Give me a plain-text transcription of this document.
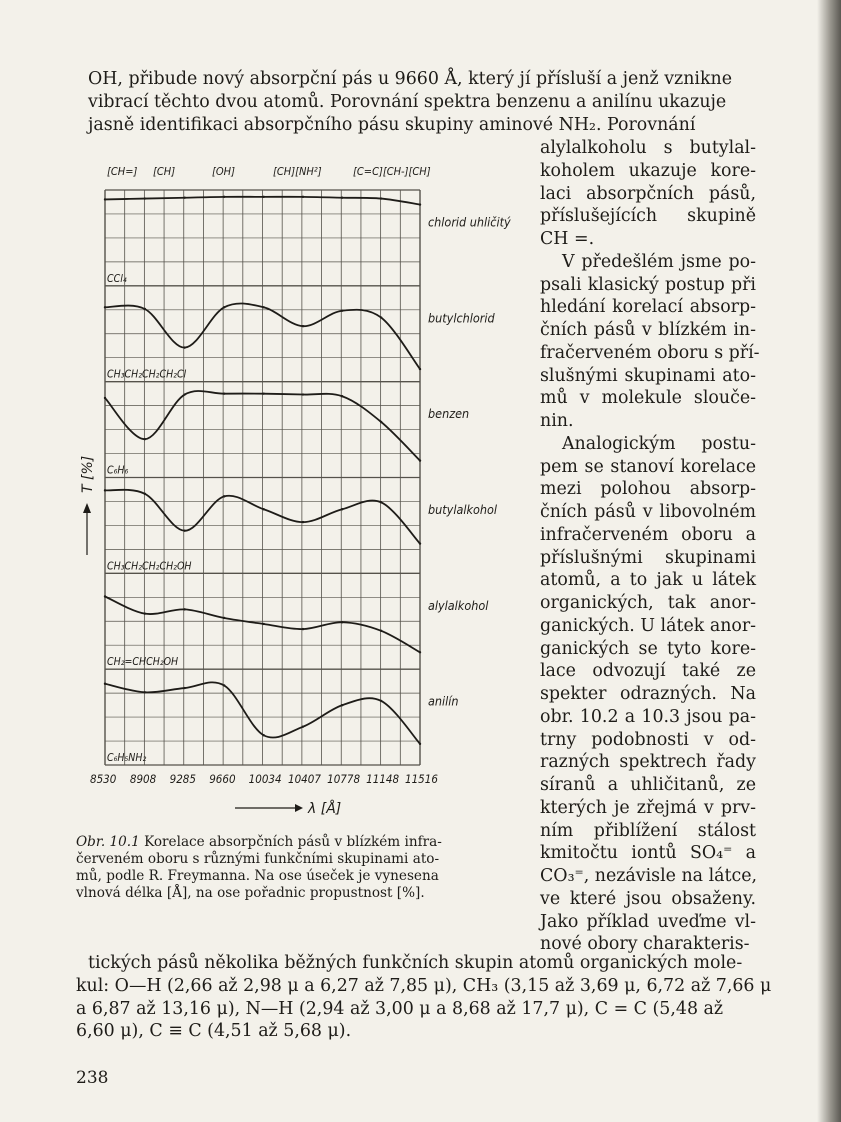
OH, přibude nový absorpční pás u 9660 Å, který jí přísluší a jenž vznikne
vibrací těchto dvou atomů. Porovnání spektra benzenu a anilínu ukazuje
jasně identifikaci absorpčního pásu skupiny aminové NH₂. Porovnání
alylalkoholu s butylal-
koholem ukazuje kore-
laci absorpčních pásů,
příslušejících skupině
CH =.
V předešlém jsme po-
psali klasický postup při
hledání korelací absorp-
čních pásů v blízkém in-
fračerveném oboru s pří-
slušnými skupinami ato-
mů v molekule slouče-
nin.
Analogickým postu-
pem se stanoví korelace
mezi polohou absorp-
čních pásů v libovolném
infračerveném oboru a
příslušnými skupinami
atomů, a to jak u látek
organických, tak anor-
ganických. U látek anor-
ganických se tyto kore-
lace odvozují také ze
spekter odrazných. Na
obr. 10.2 a 10.3 jsou pa-
trny podobnosti v od-
razných spektrech řady
síranů a uhličitanů, ze
kterých je zřejmá v prv-
ním přiblížení stálost
kmitočtu iontů SO₄⁼ a
CO₃⁼, nezávisle na látce,
ve které jsou obsaženy.
Jako příklad uveďme vl-
nové obory charakteris-
[CH=] [CH]	[OH]	[CH][NH²]	[C=C][CH-][CH]
chlorid uhličitý
CCl₄
butylchlorid
CH₃CH₂CH₂CH₂Cl
benzen
C₆H₆
butylalkohol
CH₃CH₂CH₂CH₂OH
alylalkohol
CH₂=CHCH₂OH
anilín
C₆H₅NH₂
8530 8908 9285 9660 10034 10407 10778 11148 11516
λ [Å]
T [%]
Obr. 10.1 Korelace absorpčních pásů v blízkém infra-
červeném oboru s různými funkčními skupinami ato-
mů, podle R. Freymanna. Na ose úseček je vynesena
vlnová délka [Å], na ose pořadnic propustnost [%].
tických pásů několika běžných funkčních skupin atomů organických mole-
kul: O—H (2,66 až 2,98 μ a 6,27 až 7,85 μ), CH₃ (3,15 až 3,69 μ, 6,72 až 7,66 μ
a 6,87 až 13,16 μ), N—H (2,94 až 3,00 μ a 8,68 až 17,7 μ), C = C (5,48 až
6,60 μ), C ≡ C (4,51 až 5,68 μ).
238
